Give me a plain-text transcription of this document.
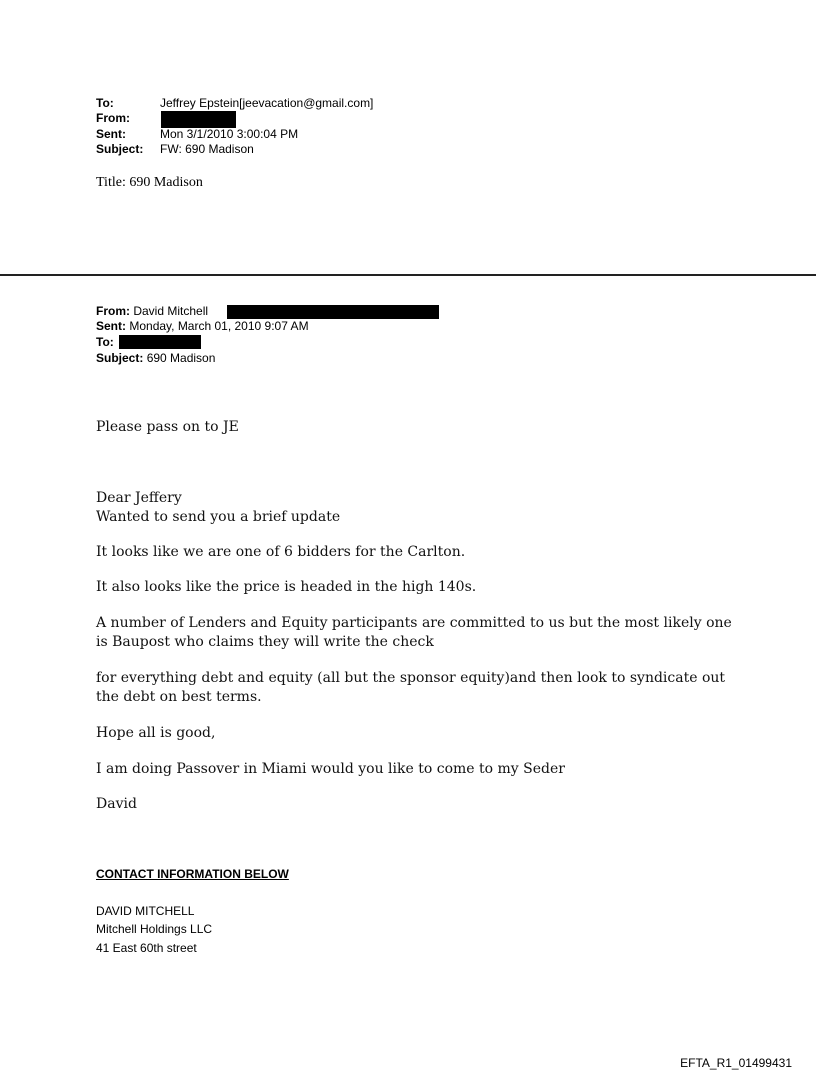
To:	Jeffrey Epstein[jeevacation@gmail.com]
From:
Sent:	Mon 3/1/2010 3:00:04 PM
Subject: FW: 690 Madison
Title: 690 Madison
From: David Mitchell
Sent: Monday, March 01, 2010 9:07 AM
To:
Subject: 690 Madison
Please pass on to JE
Dear Jeffery
Wanted to send you a brief update
It looks like we are one of 6 bidders for the Carlton.
It also looks like the price is headed in the high 140s.
A number of Lenders and Equity participants are committed to us but the most likely one
is Baupost who claims they will write the check
for everything debt and equity (all but the sponsor equity)and then look to syndicate out
the debt on best terms.
Hope all is good,
I am doing Passover in Miami would you like to come to my Seder
David
CONTACT INFORMATION BELOW
DAVID MITCHELL
Mitchell Holdings LLC
41 East 60th street
EFTA_R1_01499431
